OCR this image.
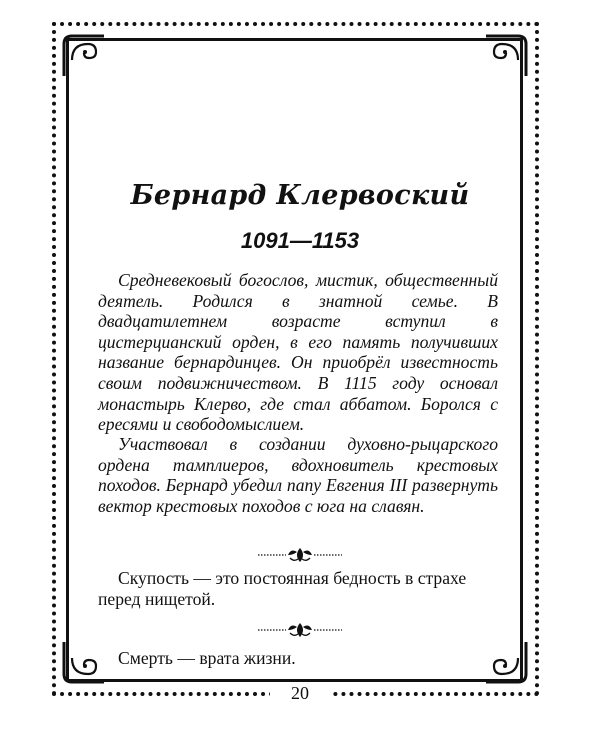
Бернард Клервоский
1091—1153

Средневековый богослов, мистик, общественный деятель. Родился в знатной семье. В двадцатилетнем возрасте вступил в цистерцианский орден, в его память получивших название бернардинцев. Он приобрёл известность своим подвижничеством. В 1115 году основал монастырь Клерво, где стал аббатом. Боролся с ересями и свободомыслием.

Участвовал в создании духовно-рыцарского ордена тамплиеров, вдохновитель крестовых походов. Бернард убедил папу Евгения III развернуть вектор крестовых походов с юга на славян.

Скупость — это постоянная бедность в страхе перед нищетой.

Смерть — врата жизни.

20
